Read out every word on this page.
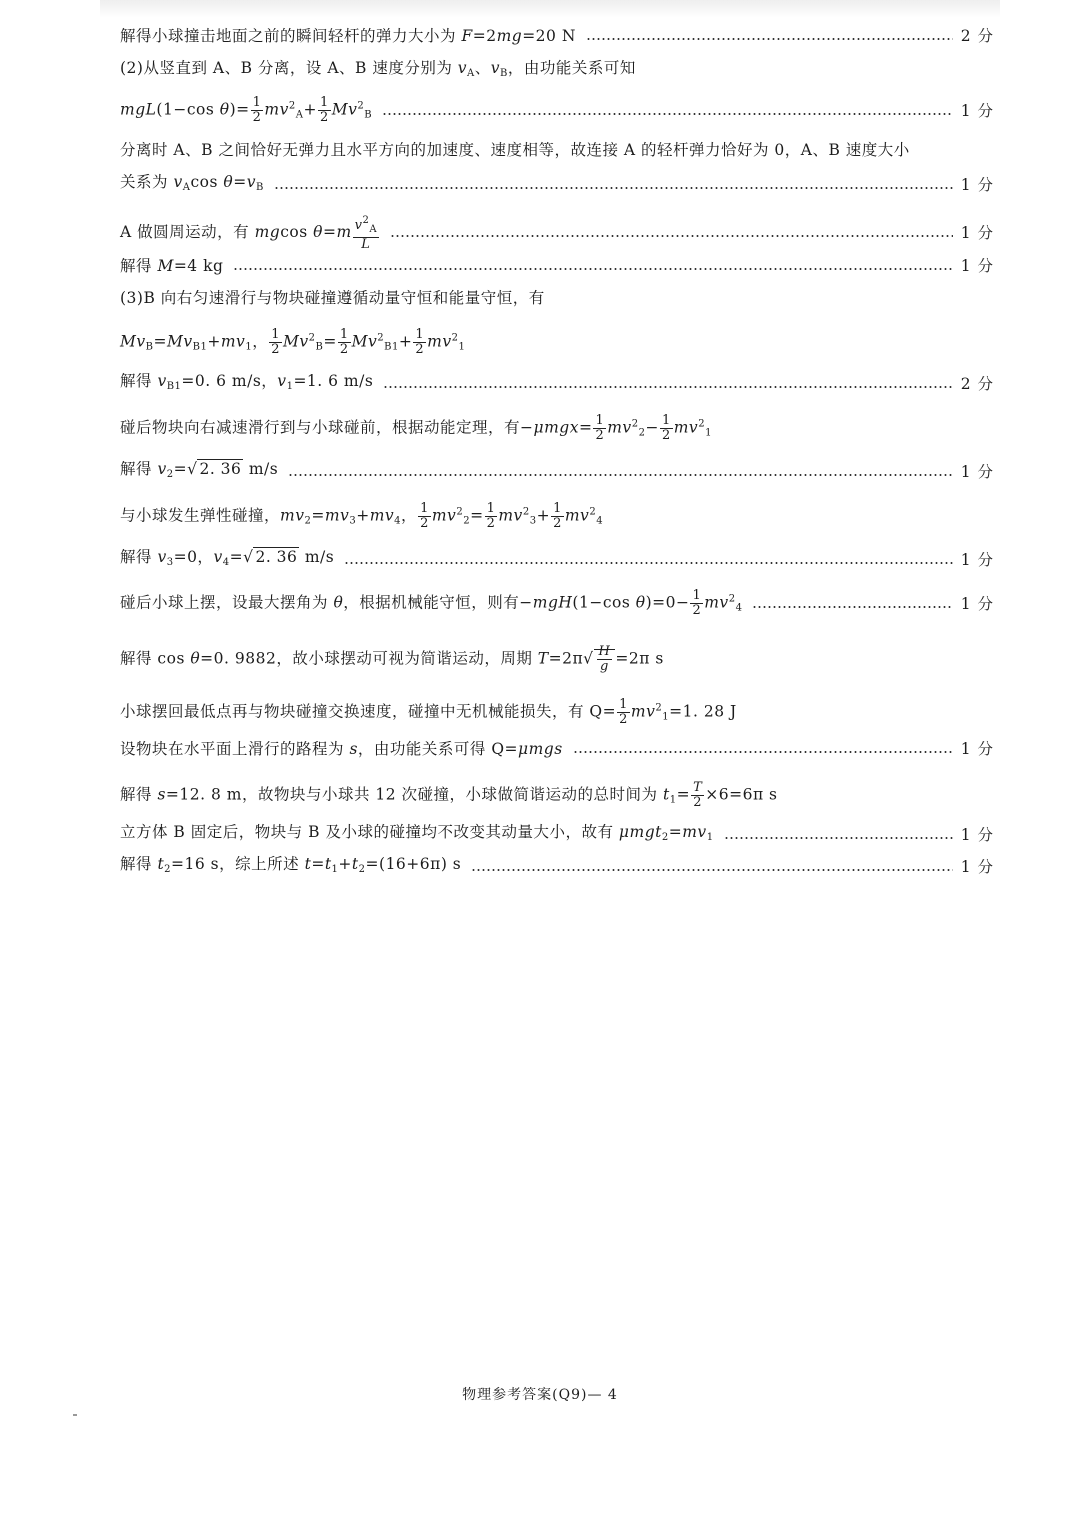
解得小球撞击地面之前的瞬间轻杆的弹力大小为 F=2mg=20 N	2 分
(2)从竖直到 A、B 分离，设 A、B 速度分别为 $v_A$、$v_B$，由功能关系可知
mgL(1−cos $\theta)= \frac{1}{2} mv^2_A+ \frac{1}{2} Mv^2_B$	1 分
分离时 A、B 之间恰好无弹力且水平方向的加速度、速度相等，故连接 A 的轻杆弹力恰好为 0，A、B 速度大小
关系为 $v_A\cos$ $\theta=v_B$	1 分
A 做圆周运动，有 mgcos $\theta=m \frac{v^2_A}{L}$	1 分
解得 M=4 kg	1 分
(3)B 向右匀速滑行与物块碰撞遵循动量守恒和能量守恒，有
$Mv_B=Mv_{B1}+mv_1$， $\frac{1}{2} Mv^2_B= \frac{1}{2} Mv^2_{B1}+ \frac{1}{2} mv^2_1$
解得 $v_{B1}=0$. 6 m/s，$v_1=1$. 6 m/s	2 分
碰后物块向右减速滑行到与小球碰前，根据动能定理，有$-\mu mgx= \frac{1}{2} mv^2_2- \frac{1}{2} mv^2_1$
解得 $v_2=√$ 2. 36 m/s	1 分
与小球发生弹性碰撞，$mv_2=mv_3+mv_4$， $\frac{1}{2} mv^2_2= \frac{1}{2} mv^2_3+ \frac{1}{2} mv^2_4$
解得 $v_3=0$，$v_4=√$ 2. 36 m/s	1 分
碰后小球上摆，设最大摆角为 θ，根据机械能守恒，则有−mgH(1−cos $\theta)=0- \frac{1}{2} mv^2_4$	1 分
解得 cos θ=0. 9882，故小球摆动可视为简谐运动，周期 $T=2\pi√ \frac{H}{g} =2\pi$ s
小球摆回最低点再与物块碰撞交换速度，碰撞中无机械能损失，有 $Q= \frac{1}{2} mv^2_1=1$. 28 J
设物块在水平面上滑行的路程为 s，由功能关系可得 Q=μmgs	1 分
解得 s=12. 8 m，故物块与小球共 12 次碰撞，小球做简谐运动的总时间为 $t_1= \frac{T}{2} \times 6=6\pi$ s
立方体 B 固定后，物块与 B 及小球的碰撞均不改变其动量大小，故有 $\mu mgt_2=mv_1$	1 分
解得 $t_2=16$ s，综上所述 $t=t_1+t_2=(16+6\pi)$ s	1 分
物理参考答案(Q9)— 4
